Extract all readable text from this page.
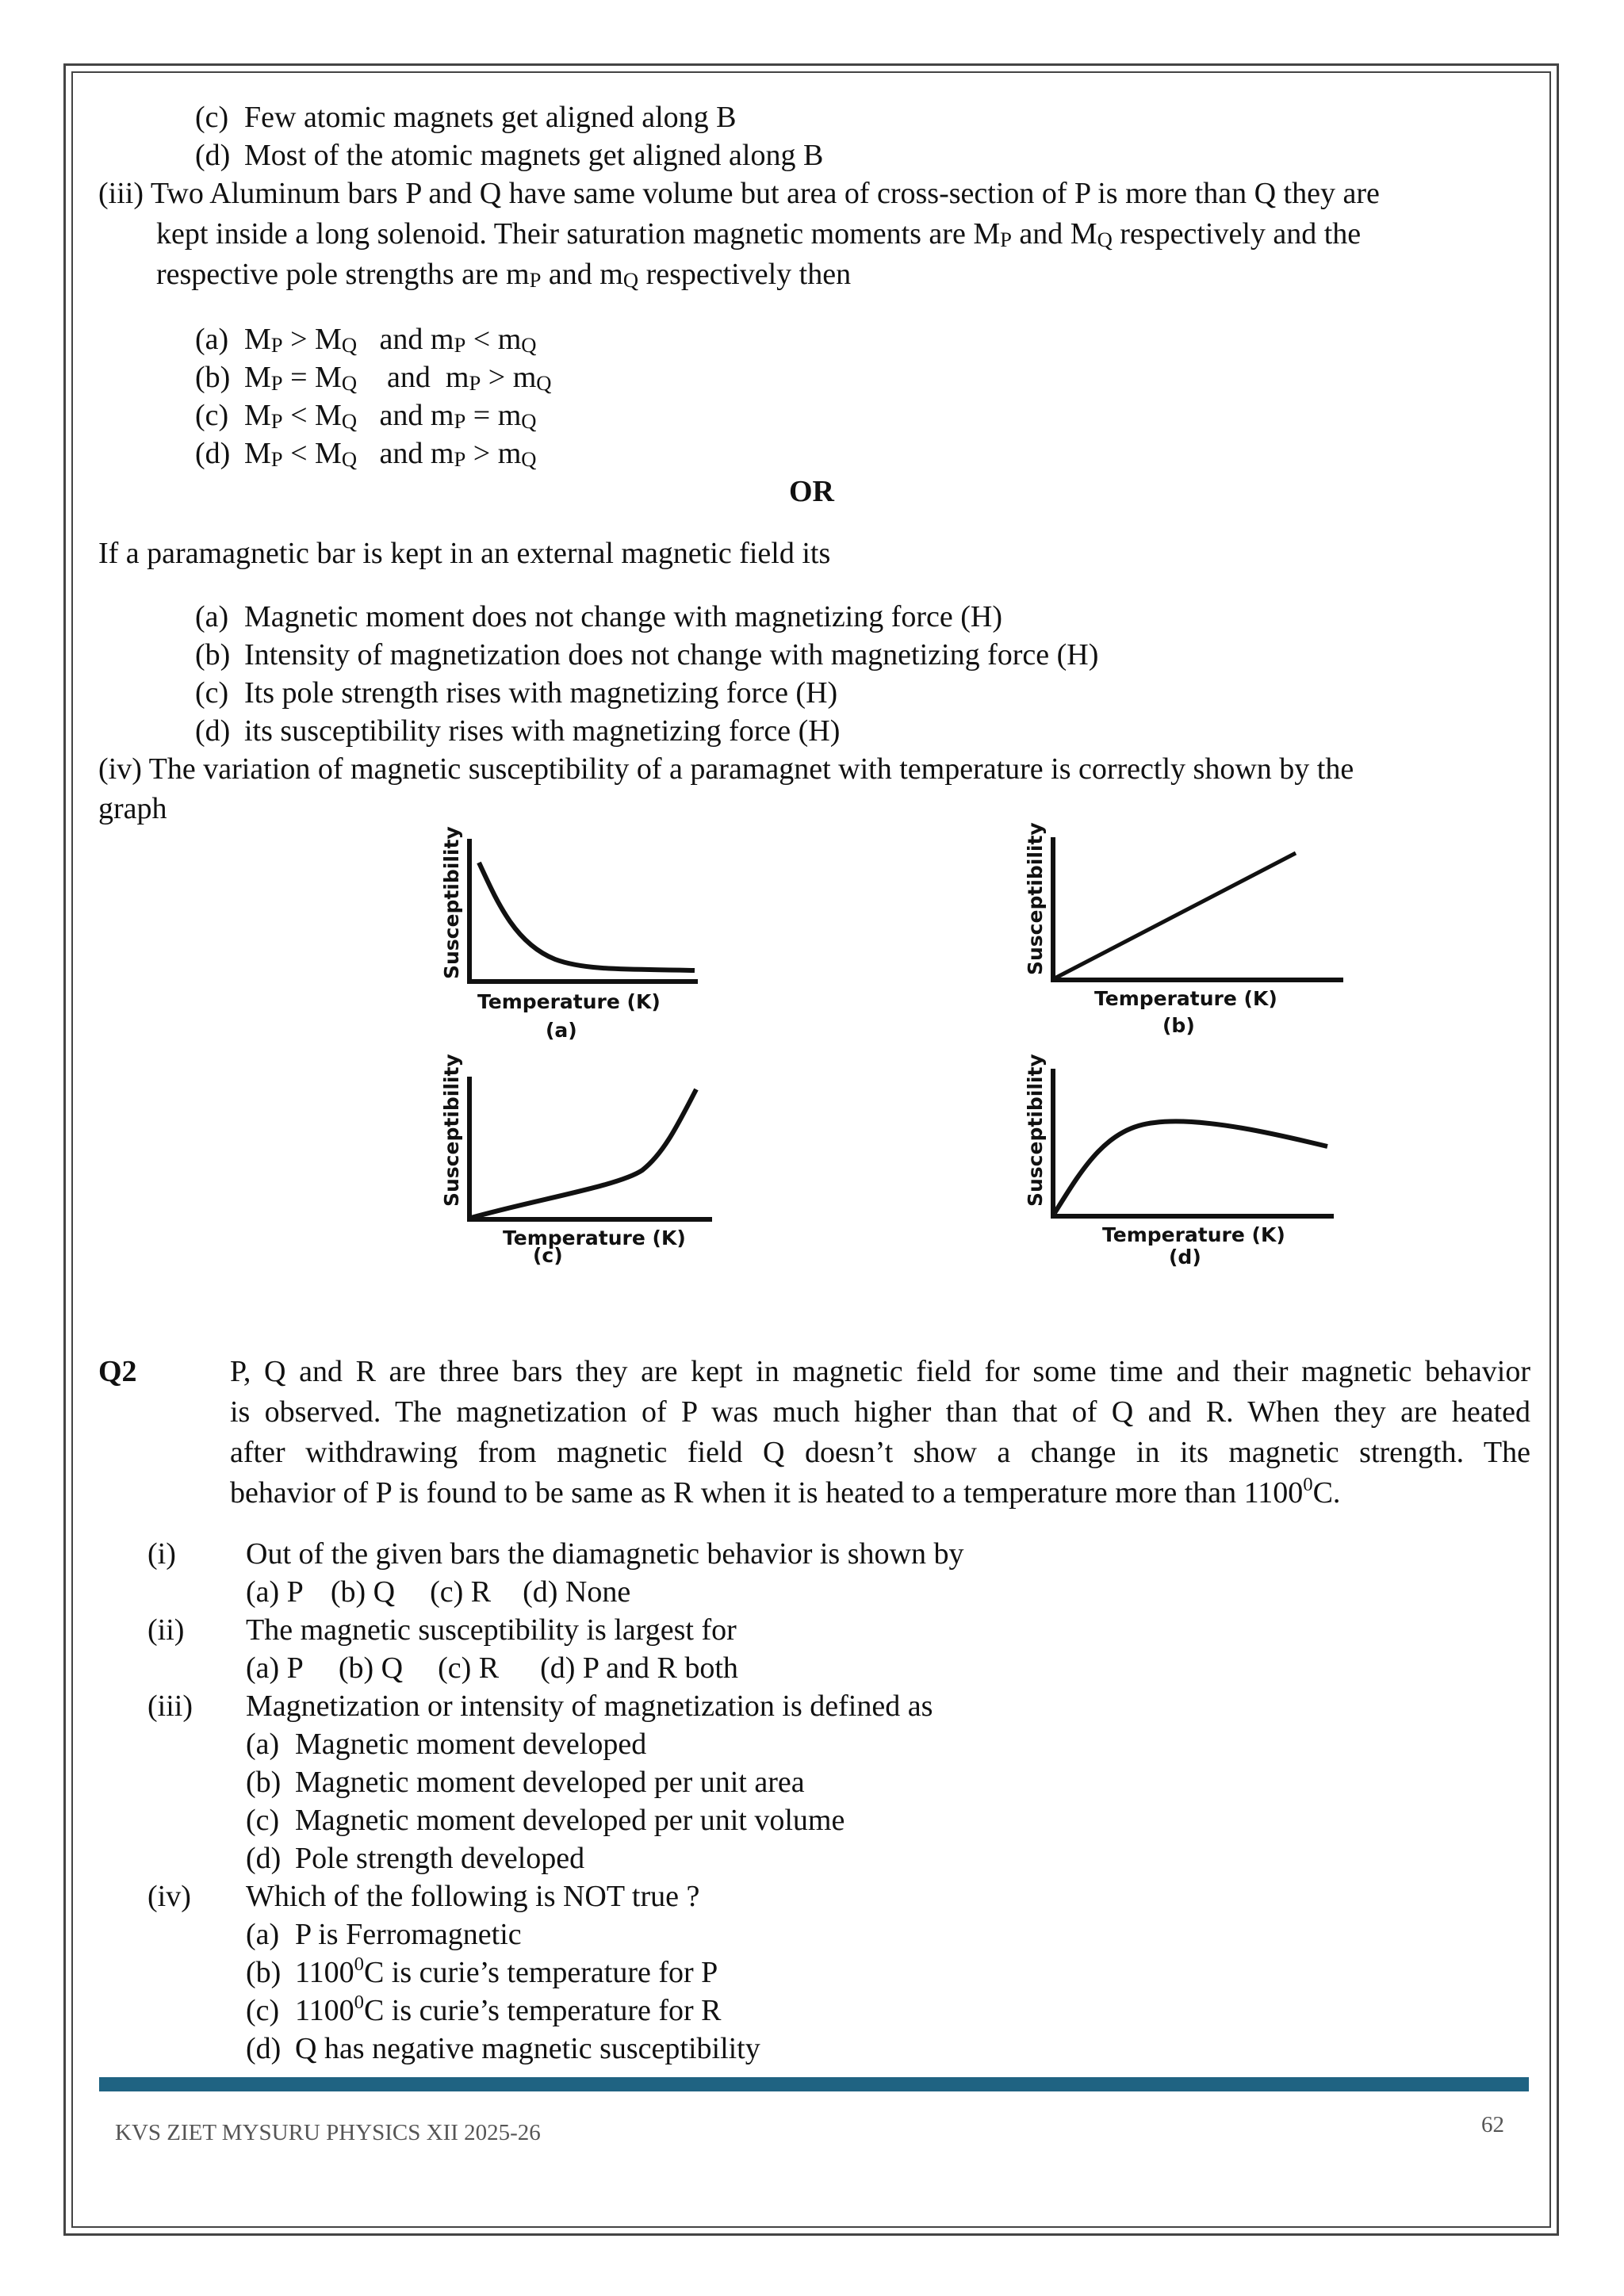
(c) Few atomic magnets get aligned along B
(d) Most of the atomic magnets get aligned along B
(iii) Two Aluminum bars P and Q have same volume but area of cross-section of P is more than Q they are
kept inside a long solenoid. Their saturation magnetic moments are $M_P$ and $M_Q$ respectively and the
respective pole strengths are $m_P$ and $m_Q$ respectively then
(a) $M_P > M_Q$   and $m_P < m_Q$
(b) $M_P = M_Q$    and  $m_P > m_Q$
(c) $M_P < M_Q$   and $m_P = m_Q$
(d) $M_P < M_Q$   and $m_P > m_Q$
OR
If a paramagnetic bar is kept in an external magnetic field its
(a) Magnetic moment does not change with magnetizing force (H)
(b) Intensity of magnetization does not change with magnetizing force (H)
(c) Its pole strength rises with magnetizing force (H)
(d) its susceptibility rises with magnetizing force (H)
(iv) The variation of magnetic susceptibility of a paramagnet with temperature is correctly shown by the
graph
Susceptibility
Temperature (K)
(a)
Susceptibility
Temperature (K)
(b)
Susceptibility
Temperature (K)
(c)
Susceptibility
Temperature (K)
(d)
Q2	P, Q and R are three bars they are kept in magnetic field for some time and their magnetic behavior
is observed. The magnetization of P was much higher than that of Q and R. When they are heated
after withdrawing from magnetic field Q doesn’t show a change in its magnetic strength. The
behavior of P is found to be same as R when it is heated to a temperature more than 1100$^0$C.
(i) Out of the given bars the diamagnetic behavior is shown by
(a) P (b) Q (c) R (d) None
(ii) The magnetic susceptibility is largest for
(a) P (b) Q (c) R (d) P and R both
(iii) Magnetization or intensity of magnetization is defined as
(a) Magnetic moment developed
(b) Magnetic moment developed per unit area
(c) Magnetic moment developed per unit volume
(d) Pole strength developed
(iv) Which of the following is NOT true ?
(a) P is Ferromagnetic
(b) 1100$^0$C is curie’s temperature for P
(c) 1100$^0$C is curie’s temperature for R
(d) Q has negative magnetic susceptibility
KVS ZIET MYSURU PHYSICS XII 2025-26	62
